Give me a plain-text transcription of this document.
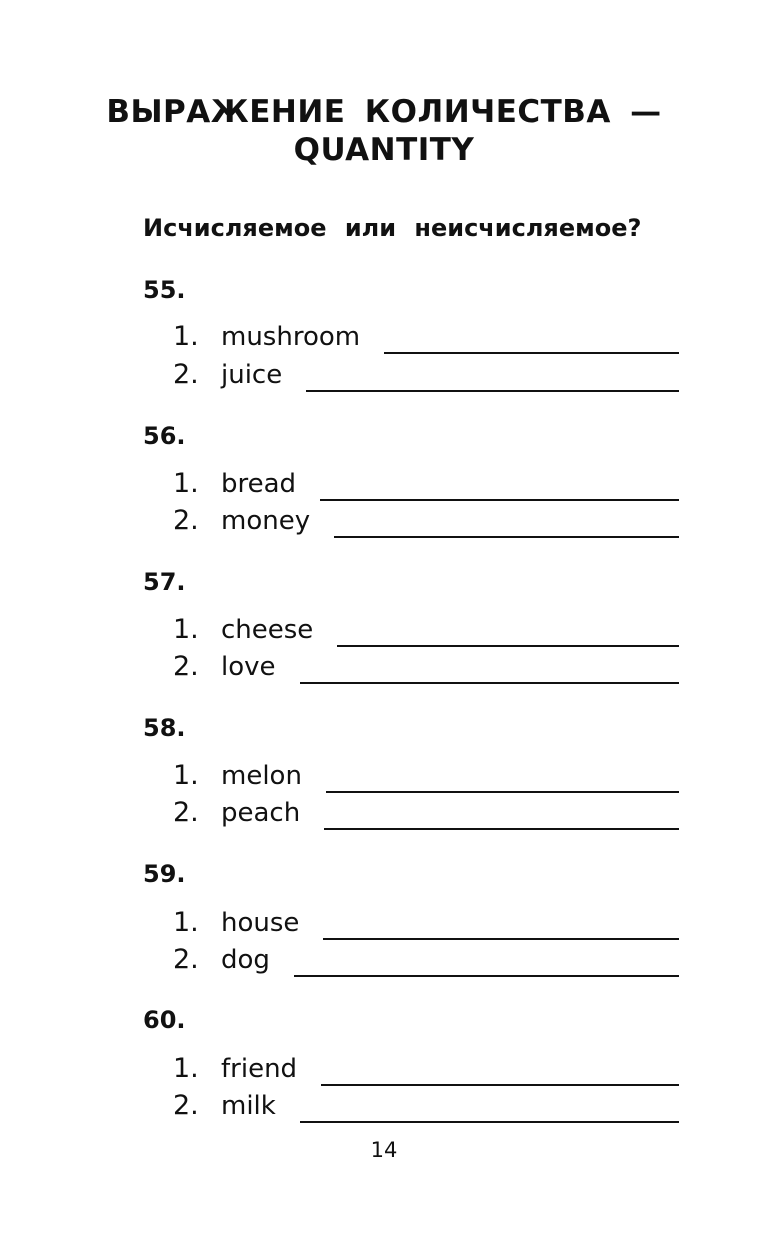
ВЫРАЖЕНИЕ КОЛИЧЕСТВА —
QUANTITY
Исчисляемое или неисчисляемое?
55.
1. mushroom
2. juice
56.
1. bread
2. money
57.
1. cheese
2. love
58.
1. melon
2. peach
59.
1. house
2. dog
60.
1. friend
2. milk
14
